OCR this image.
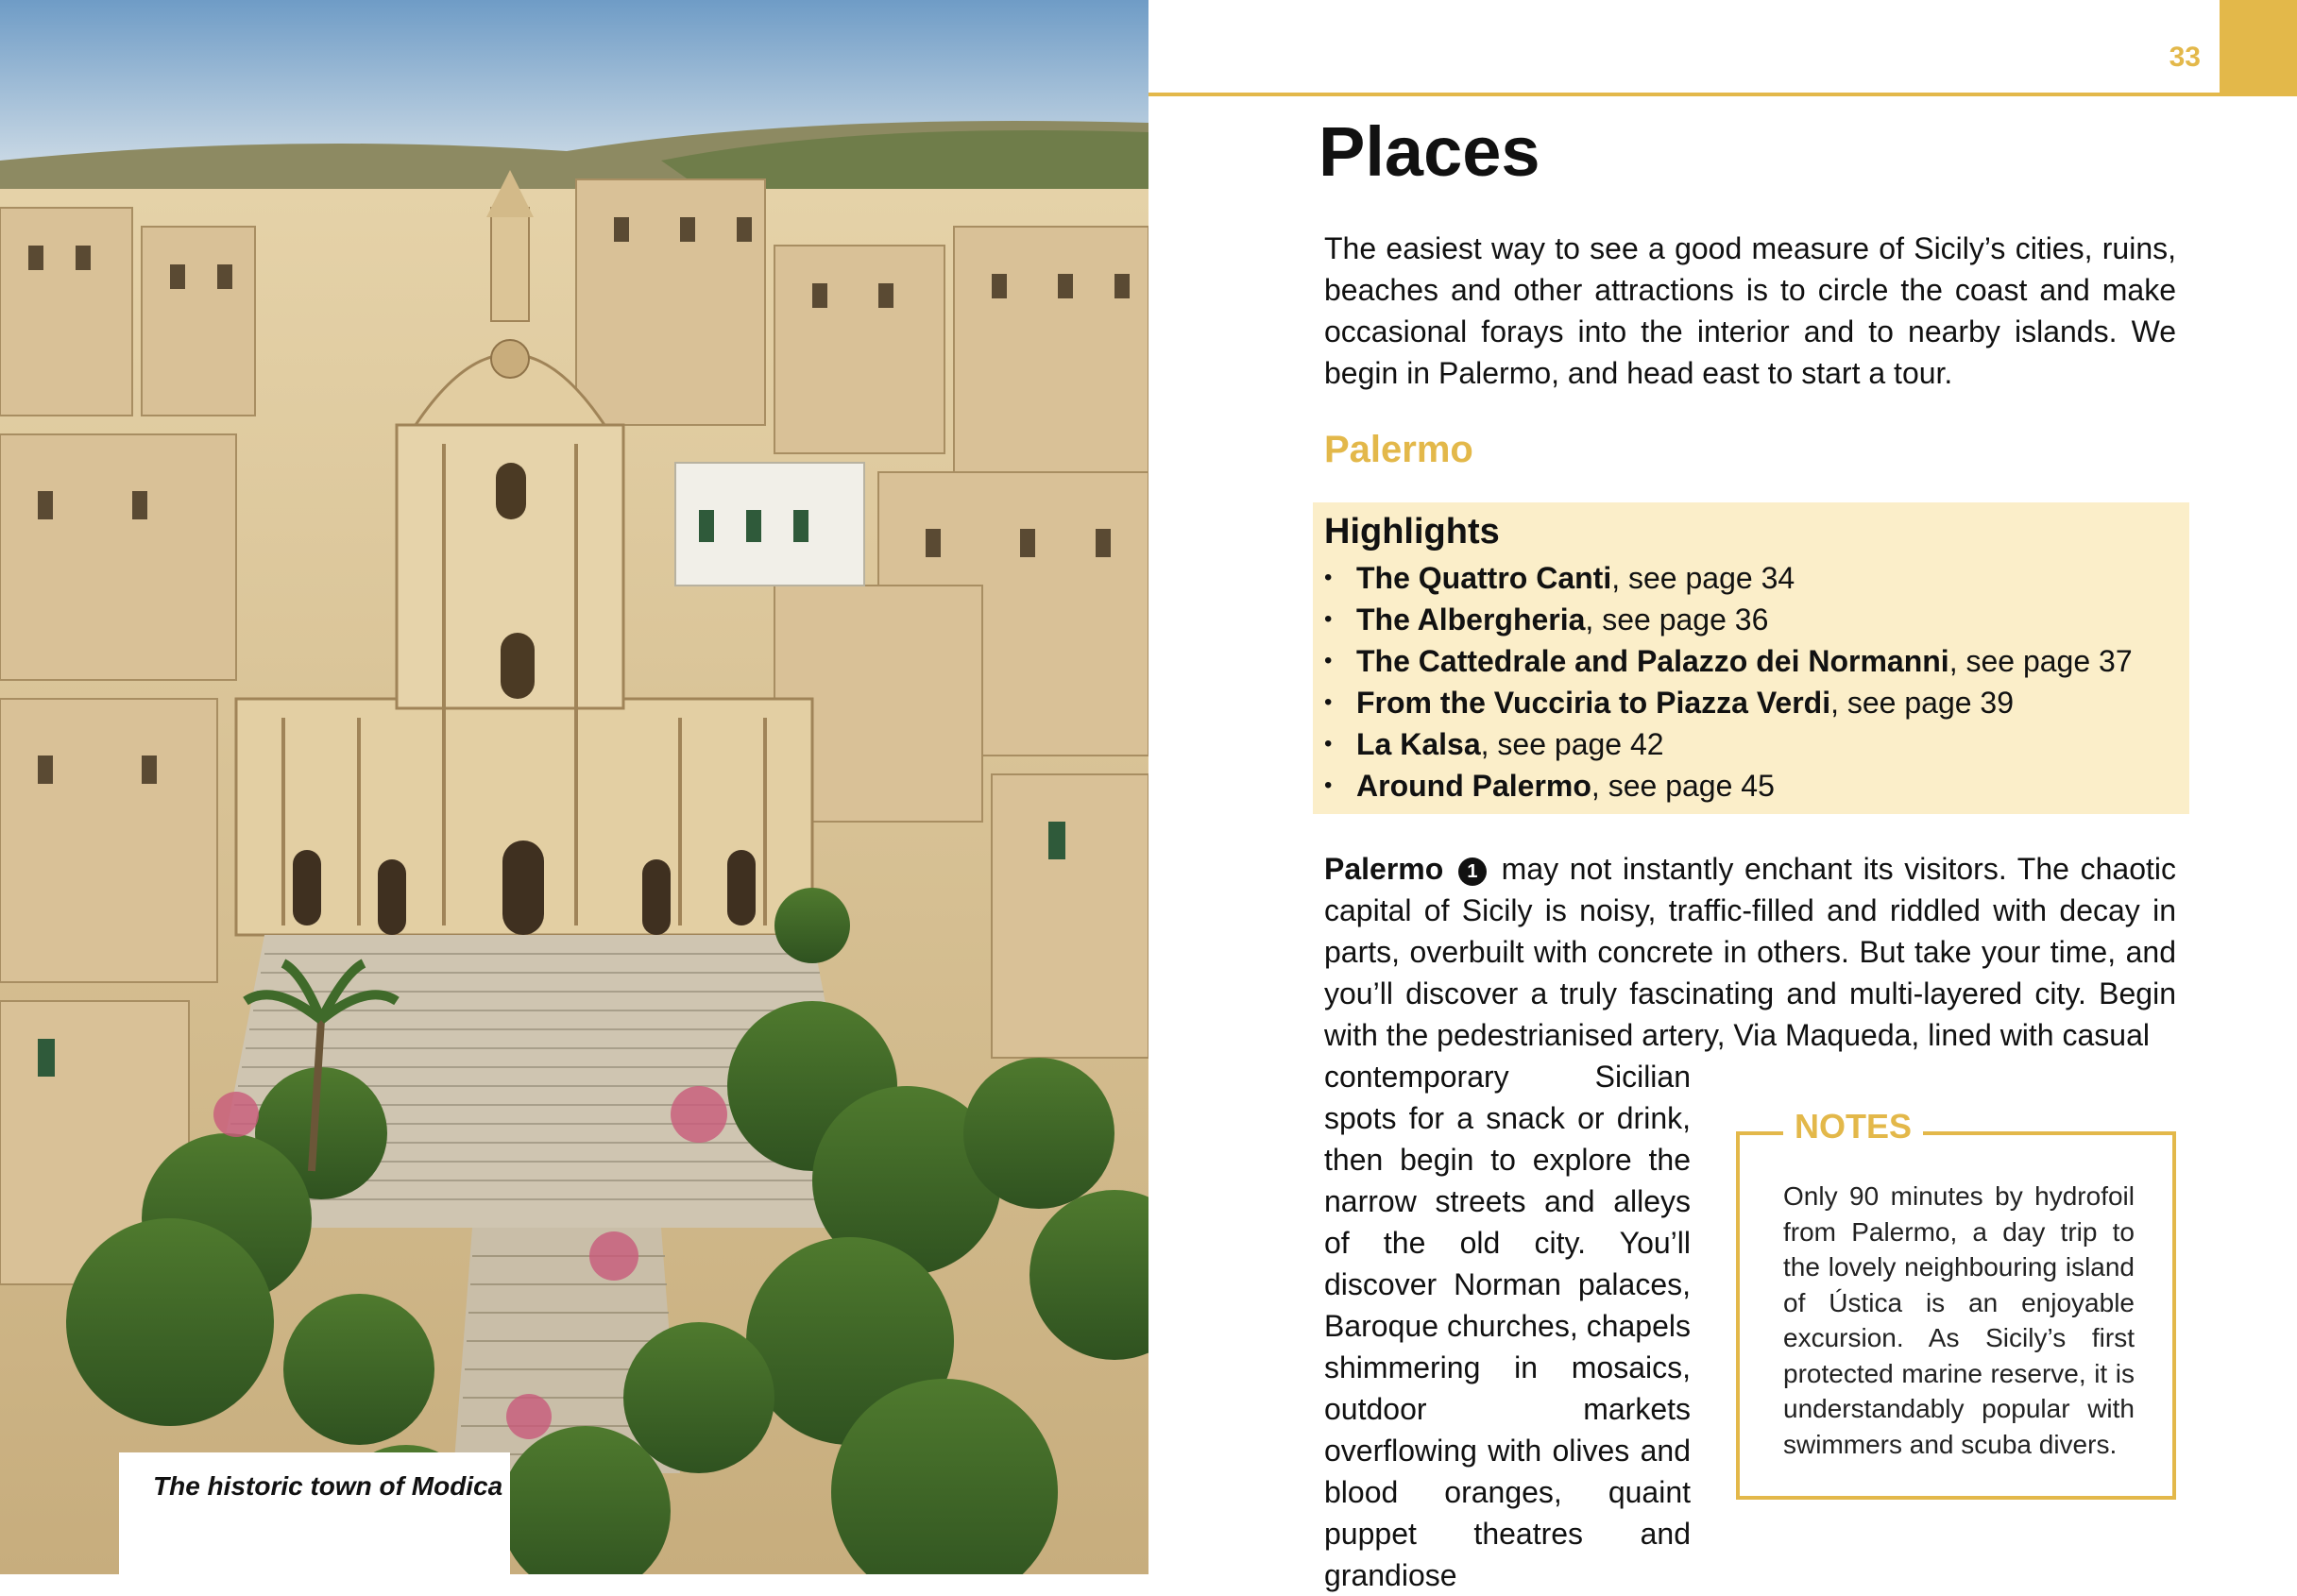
The historic town of Modica
33
Places

The easiest way to see a good measure of Sicily’s cities, ruins, beaches and other attractions is to circle the coast and make occasional forays into the interior and to nearby islands. We begin in Palermo, and head east to start a tour.

Palermo
Highlights
• The Quattro Canti, see page 34
• The Albergheria, see page 36
• The Cattedrale and Palazzo dei Normanni, see page 37
• From the Vucciria to Piazza Verdi, see page 39
• La Kalsa, see page 42
• Around Palermo, see page 45

Palermo 1 may not instantly enchant its visitors. The chaotic capital of Sicily is noisy, traffic-filled and riddled with decay in parts, overbuilt with concrete in others. But take your time, and you’ll discover a truly fascinating and multi-layered city. Begin with the pedestrianised artery, Via Maqueda, lined with casual

contemporary Sicilian spots for a snack or drink, then begin to explore the narrow streets and alleys of the old city. You’ll discover Norman palaces, Baroque churches, chapels shimmering in mosaics, outdoor markets overflowing with olives and blood oranges, quaint puppet theatres and grandiose

NOTES

Only 90 minutes by hydrofoil from Palermo, a day trip to the lovely neighbouring island of Ústica is an enjoyable excursion. As Sicily’s first protected marine reserve, it is understandably popular with swimmers and scuba divers.
